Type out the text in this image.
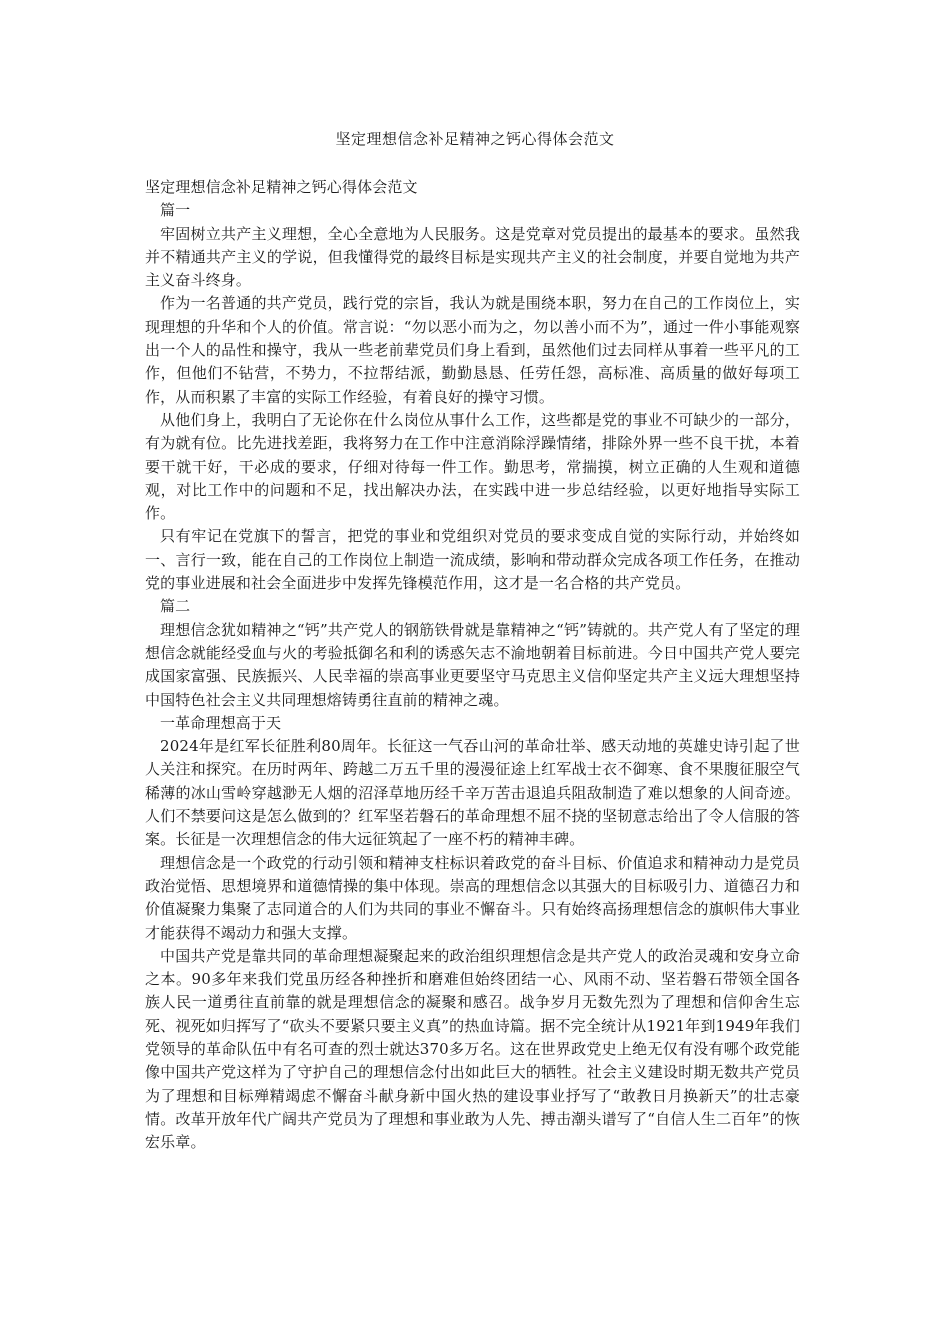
坚定理想信念补足精神之钙心得体会范文

坚定理想信念补足精神之钙心得体会范文

篇一

牢固树立共产主义理想，全心全意地为人民服务。这是党章对党员提出的最基本的要求。虽然我并不精通共产主义的学说，但我懂得党的最终目标是实现共产主义的社会制度，并要自觉地为共产主义奋斗终身。

作为一名普通的共产党员，践行党的宗旨，我认为就是围绕本职，努力在自己的工作岗位上，实现理想的升华和个人的价值。常言说：“勿以恶小而为之，勿以善小而不为”，通过一件小事能观察出一个人的品性和操守，我从一些老前辈党员们身上看到，虽然他们过去同样从事着一些平凡的工作，但他们不钻营，不势力，不拉帮结派，勤勤恳恳、任劳任怨，高标准、高质量的做好每项工作，从而积累了丰富的实际工作经验，有着良好的操守习惯。

从他们身上，我明白了无论你在什么岗位从事什么工作，这些都是党的事业不可缺少的一部分，有为就有位。比先进找差距，我将努力在工作中注意消除浮躁情绪，排除外界一些不良干扰，本着要干就干好，干必成的要求，仔细对待每一件工作。勤思考，常揣摸，树立正确的人生观和道德观，对比工作中的问题和不足，找出解决办法，在实践中进一步总结经验，以更好地指导实际工作。

只有牢记在党旗下的誓言，把党的事业和党组织对党员的要求变成自觉的实际行动，并始终如一、言行一致，能在自己的工作岗位上制造一流成绩，影响和带动群众完成各项工作任务，在推动党的事业进展和社会全面进步中发挥先锋模范作用，这才是一名合格的共产党员。

篇二

理想信念犹如精神之“钙”共产党人的钢筋铁骨就是靠精神之“钙”铸就的。共产党人有了坚定的理想信念就能经受血与火的考验抵御名和利的诱惑矢志不渝地朝着目标前进。今日中国共产党人要完成国家富强、民族振兴、人民幸福的崇高事业更要坚守马克思主义信仰坚定共产主义远大理想坚持中国特色社会主义共同理想熔铸勇往直前的精神之魂。

一革命理想高于天

2024年是红军长征胜利80周年。长征这一气吞山河的革命壮举、感天动地的英雄史诗引起了世人关注和探究。在历时两年、跨越二万五千里的漫漫征途上红军战士衣不御寒、食不果腹征服空气稀薄的冰山雪岭穿越渺无人烟的沼泽草地历经千辛万苦击退追兵阻敌制造了难以想象的人间奇迹。人们不禁要问这是怎么做到的？红军坚若磐石的革命理想不屈不挠的坚韧意志给出了令人信服的答案。长征是一次理想信念的伟大远征筑起了一座不朽的精神丰碑。

理想信念是一个政党的行动引领和精神支柱标识着政党的奋斗目标、价值追求和精神动力是党员政治觉悟、思想境界和道德情操的集中体现。崇高的理想信念以其强大的目标吸引力、道德召力和价值凝聚力集聚了志同道合的人们为共同的事业不懈奋斗。只有始终高扬理想信念的旗帜伟大事业才能获得不竭动力和强大支撑。

中国共产党是靠共同的革命理想凝聚起来的政治组织理想信念是共产党人的政治灵魂和安身立命之本。90多年来我们党虽历经各种挫折和磨难但始终团结一心、风雨不动、坚若磐石带领全国各族人民一道勇往直前靠的就是理想信念的凝聚和感召。战争岁月无数先烈为了理想和信仰舍生忘死、视死如归挥写了“砍头不要紧只要主义真”的热血诗篇。据不完全统计从1921年到1949年我们党领导的革命队伍中有名可查的烈士就达370多万名。这在世界政党史上绝无仅有没有哪个政党能像中国共产党这样为了守护自己的理想信念付出如此巨大的牺牲。社会主义建设时期无数共产党员为了理想和目标殚精竭虑不懈奋斗献身新中国火热的建设事业抒写了“敢教日月换新天”的壮志豪情。改革开放年代广阔共产党员为了理想和事业敢为人先、搏击潮头谱写了“自信人生二百年”的恢宏乐章。
